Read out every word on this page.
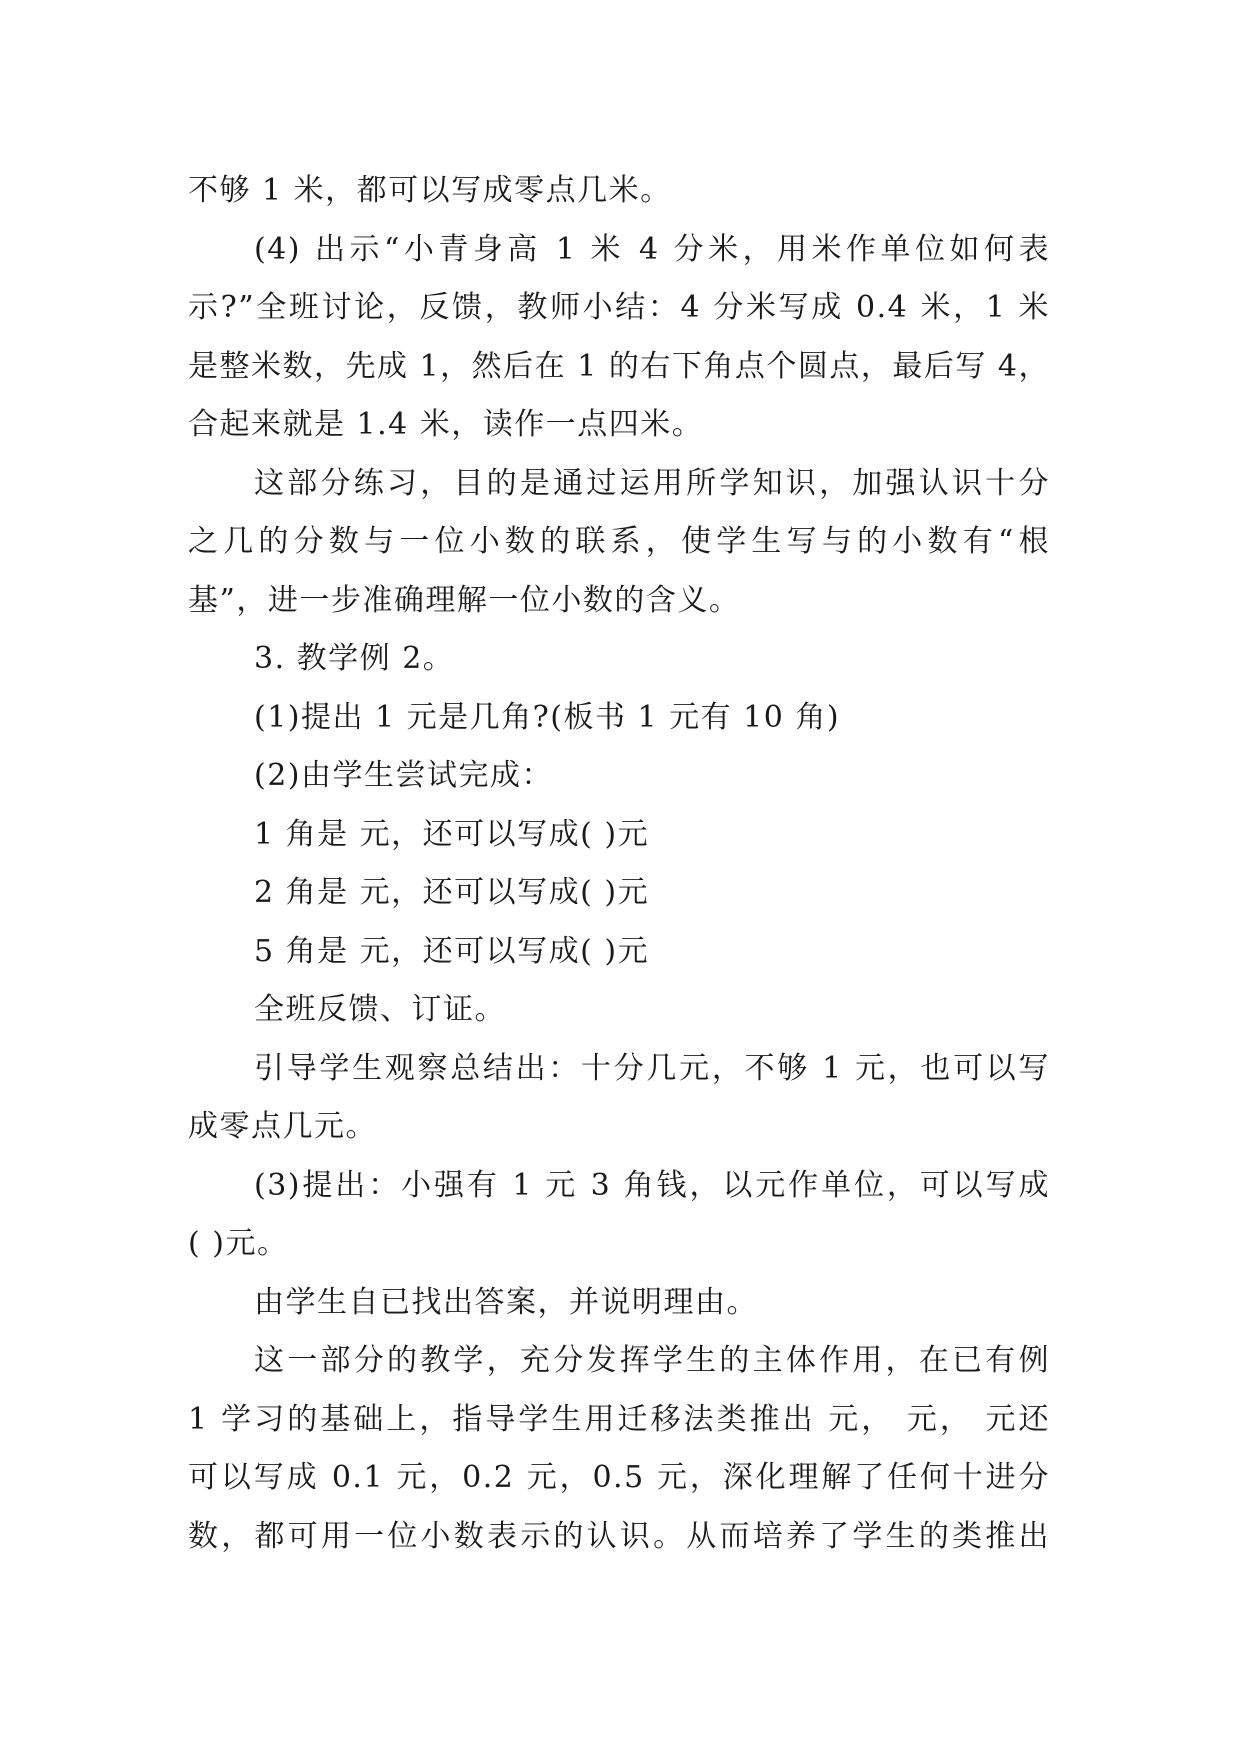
不够 1 米，都可以写成零点几米。
(4) 出示“小青身高 1 米 4 分米，用米作单位如何表
示?”全班讨论，反馈，教师小结：4 分米写成 0.4 米，1 米
是整米数，先成 1，然后在 1 的右下角点个圆点，最后写 4，
合起来就是 1.4 米，读作一点四米。
这部分练习，目的是通过运用所学知识，加强认识十分
之几的分数与一位小数的联系，使学生写与的小数有“根
基”，进一步准确理解一位小数的含义。
3. 教学例 2。
(1)提出 1 元是几角?(板书 1 元有 10 角)
(2)由学生尝试完成：
1 角是 元，还可以写成( )元
2 角是 元，还可以写成( )元
5 角是 元，还可以写成( )元
全班反馈、订证。
引导学生观察总结出：十分几元，不够 1 元，也可以写
成零点几元。
(3)提出：小强有 1 元 3 角钱，以元作单位，可以写成
( )元。
由学生自已找出答案，并说明理由。
这一部分的教学，充分发挥学生的主体作用，在已有例
1 学习的基础上，指导学生用迁移法类推出 元， 元， 元还
可以写成 0.1 元，0.2 元，0.5 元，深化理解了任何十进分
数，都可用一位小数表示的认识。从而培养了学生的类推出
